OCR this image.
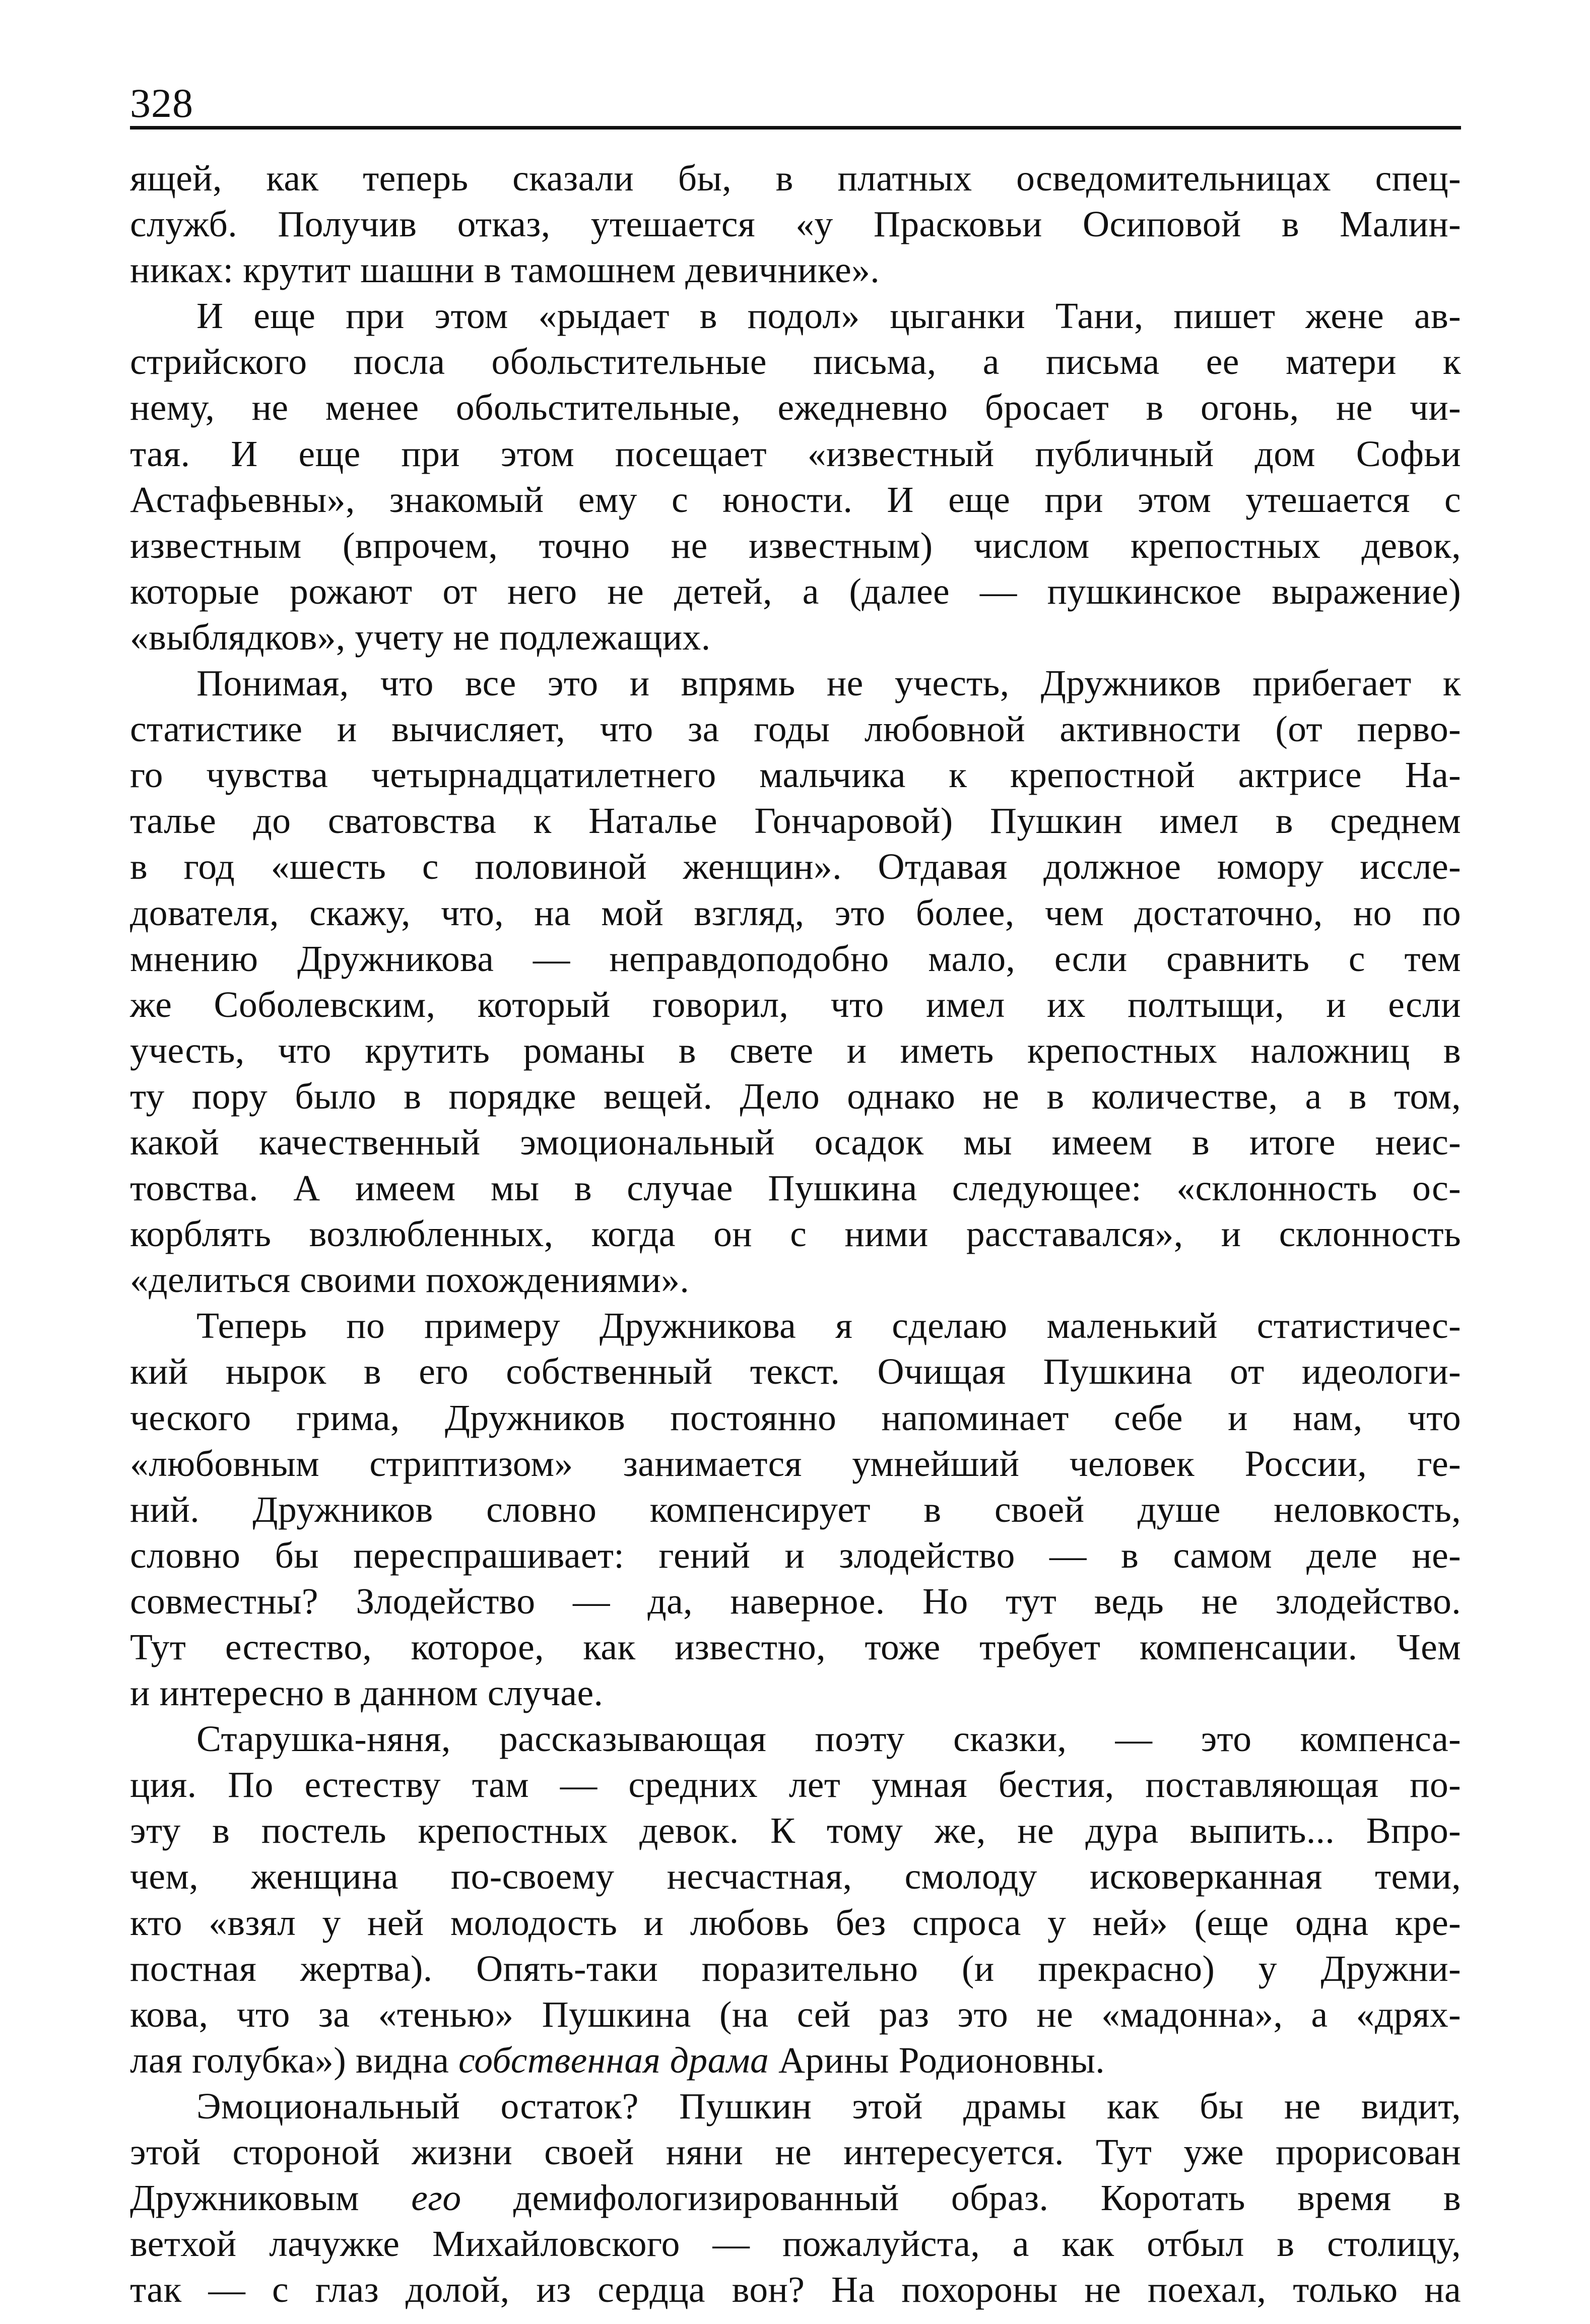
328

ящей, как теперь сказали бы, в платных осведомительницах спец-
служб. Получив отказ, утешается «у Прасковьи Осиповой в Малин-
никах: крутит шашни в тамошнем девичнике».

И еще при этом «рыдает в подол» цыганки Тани, пишет жене ав-
стрийского посла обольстительные письма, а письма ее матери к
нему, не менее обольстительные, ежедневно бросает в огонь, не чи-
тая. И еще при этом посещает «известный публичный дом Софьи
Астафьевны», знакомый ему с юности. И еще при этом утешается с
известным (впрочем, точно не известным) числом крепостных девок,
которые рожают от него не детей, а (далее — пушкинское выражение)
«выблядков», учету не подлежащих.

Понимая, что все это и впрямь не учесть, Дружников прибегает к
статистике и вычисляет, что за годы любовной активности (от перво-
го чувства четырнадцатилетнего мальчика к крепостной актрисе На-
талье до сватовства к Наталье Гончаровой) Пушкин имел в среднем
в год «шесть с половиной женщин». Отдавая должное юмору иссле-
дователя, скажу, что, на мой взгляд, это более, чем достаточно, но по
мнению Дружникова — неправдоподобно мало, если сравнить с тем
же Соболевским, который говорил, что имел их полтыщи, и если
учесть, что крутить романы в свете и иметь крепостных наложниц в
ту пору было в порядке вещей. Дело однако не в количестве, а в том,
какой качественный эмоциональный осадок мы имеем в итоге неис-
товства. А имеем мы в случае Пушкина следующее: «склонность ос-
корблять возлюбленных, когда он с ними расставался», и склонность
«делиться своими похождениями».

Теперь по примеру Дружникова я сделаю маленький статистичес-
кий нырок в его собственный текст. Очищая Пушкина от идеологи-
ческого грима, Дружников постоянно напоминает себе и нам, что
«любовным стриптизом» занимается умнейший человек России, ге-
ний. Дружников словно компенсирует в своей душе неловкость,
словно бы переспрашивает: гений и злодейство — в самом деле не-
совместны? Злодейство — да, наверное. Но тут ведь не злодейство.
Тут естество, которое, как известно, тоже требует компенсации. Чем
и интересно в данном случае.

Старушка-няня, рассказывающая поэту сказки, — это компенса-
ция. По естеству там — средних лет умная бестия, поставляющая по-
эту в постель крепостных девок. К тому же, не дура выпить... Впро-
чем, женщина по-своему несчастная, смолоду исковерканная теми,
кто «взял у ней молодость и любовь без спроса у ней» (еще одна кре-
постная жертва). Опять-таки поразительно (и прекрасно) у Дружни-
кова, что за «тенью» Пушкина (на сей раз это не «мадонна», а «дрях-
лая голубка») видна собственная драма Арины Родионовны.

Эмоциональный остаток? Пушкин этой драмы как бы не видит,
этой стороной жизни своей няни не интересуется. Тут уже прорисован
Дружниковым его демифологизированный образ. Коротать время в
ветхой лачужке Михайловского — пожалуйста, а как отбыл в столицу,
так — с глаз долой, из сердца вон? На похороны не поехал, только на
